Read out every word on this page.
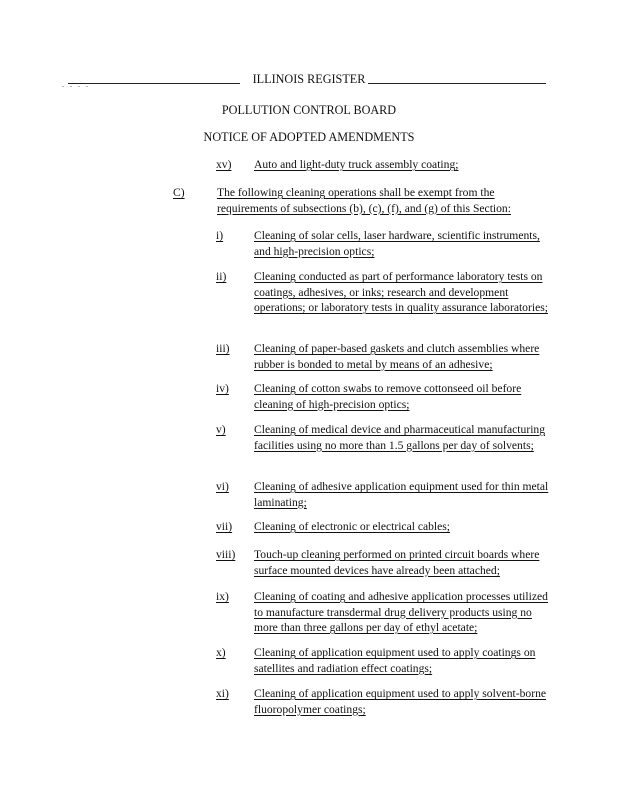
. . . .	ILLINOIS REGISTER
POLLUTION CONTROL BOARD
NOTICE OF ADOPTED AMENDMENTS
xv) Auto and light-duty truck assembly coating;
C)	The following cleaning operations shall be exempt from the requirements of subsections (b), (c), (f), and (g) of this Section:
i)	Cleaning of solar cells, laser hardware, scientific instruments, and high-precision optics;
ii) Cleaning conducted as part of performance laboratory tests on coatings, adhesives, or inks; research and development operations; or laboratory tests in quality assurance laboratories;
iii) Cleaning of paper-based gaskets and clutch assemblies where rubber is bonded to metal by means of an adhesive;
iv) Cleaning of cotton swabs to remove cottonseed oil before cleaning of high-precision optics;
v) Cleaning of medical device and pharmaceutical manufacturing facilities using no more than 1.5 gallons per day of solvents;
vi) Cleaning of adhesive application equipment used for thin metal laminating;
vii) Cleaning of electronic or electrical cables;
viii) Touch-up cleaning performed on printed circuit boards where surface mounted devices have already been attached;
ix) Cleaning of coating and adhesive application processes utilized to manufacture transdermal drug delivery products using no more than three gallons per day of ethyl acetate;
x) Cleaning of application equipment used to apply coatings on satellites and radiation effect coatings;
xi) Cleaning of application equipment used to apply solvent-borne fluoropolymer coatings;
